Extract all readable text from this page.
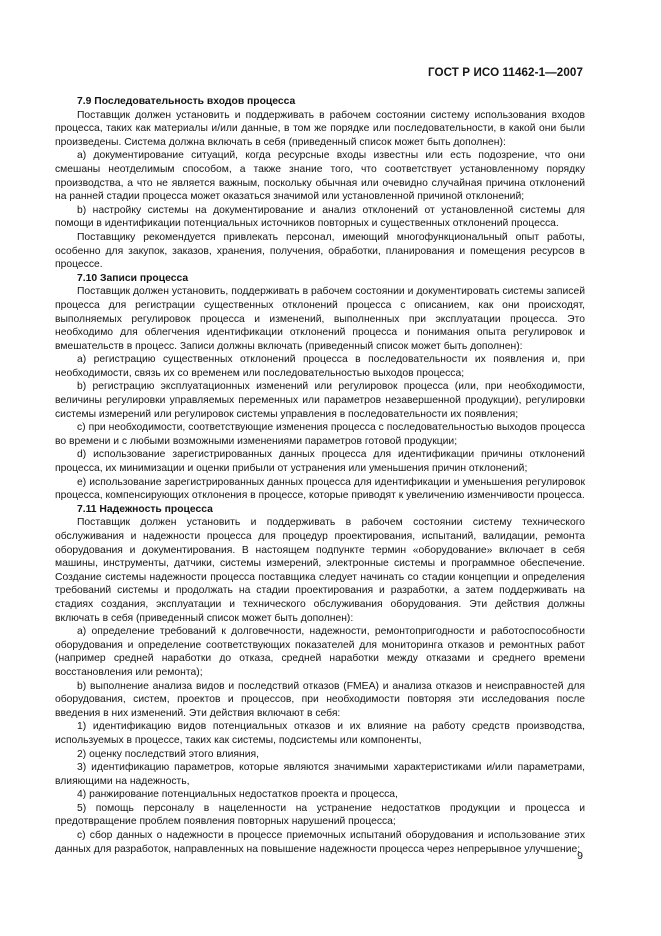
ГОСТ Р ИСО 11462-1—2007
7.9 Последовательность входов процесса

Поставщик должен установить и поддерживать в рабочем состоянии систему использования входов процесса, таких как материалы и/или данные, в том же порядке или последовательности, в какой они были произведены. Система должна включать в себя (приведенный список может быть дополнен):

a) документирование ситуаций, когда ресурсные входы известны или есть подозрение, что они смешаны неотделимым способом, а также знание того, что соответствует установленному порядку производства, а что не является важным, поскольку обычная или очевидно случайная причина отклонений на ранней стадии процесса может оказаться значимой или установленной причиной отклонений;

b) настройку системы на документирование и анализ отклонений от установленной системы для помощи в идентификации потенциальных источников повторных и существенных отклонений процесса.

Поставщику рекомендуется привлекать персонал, имеющий многофункциональный опыт работы, особенно для закупок, заказов, хранения, получения, обработки, планирования и помещения ресурсов в процессе.

7.10 Записи процесса

Поставщик должен установить, поддерживать в рабочем состоянии и документировать системы записей процесса для регистрации существенных отклонений процесса с описанием, как они происходят, выполняемых регулировок процесса и изменений, выполненных при эксплуатации процесса. Это необходимо для облегчения идентификации отклонений процесса и понимания опыта регулировок и вмешательств в процесс. Записи должны включать (приведенный список может быть дополнен):

a) регистрацию существенных отклонений процесса в последовательности их появления и, при необходимости, связь их со временем или последовательностью выходов процесса;

b) регистрацию эксплуатационных изменений или регулировок процесса (или, при необходимости, величины регулировки управляемых переменных или параметров незавершенной продукции), регулировки системы измерений или регулировок системы управления в последовательности их появления;

c) при необходимости, соответствующие изменения процесса с последовательностью выходов процесса во времени и с любыми возможными изменениями параметров готовой продукции;

d) использование зарегистрированных данных процесса для идентификации причины отклонений процесса, их минимизации и оценки прибыли от устранения или уменьшения причин отклонений;

e) использование зарегистрированных данных процесса для идентификации и уменьшения регулировок процесса, компенсирующих отклонения в процессе, которые приводят к увеличению изменчивости процесса.

7.11 Надежность процесса

Поставщик должен установить и поддерживать в рабочем состоянии систему технического обслуживания и надежности процесса для процедур проектирования, испытаний, валидации, ремонта оборудования и документирования. В настоящем подпункте термин «оборудование» включает в себя машины, инструменты, датчики, системы измерений, электронные системы и программное обеспечение. Создание системы надежности процесса поставщика следует начинать со стадии концепции и определения требований системы и продолжать на стадии проектирования и разработки, а затем поддерживать на стадиях создания, эксплуатации и технического обслуживания оборудования. Эти действия должны включать в себя (приведенный список может быть дополнен):

a) определение требований к долговечности, надежности, ремонтопригодности и работоспособности оборудования и определение соответствующих показателей для мониторинга отказов и ремонтных работ (например средней наработки до отказа, средней наработки между отказами и среднего времени восстановления или ремонта);

b) выполнение анализа видов и последствий отказов (FMEA) и анализа отказов и неисправностей для оборудования, систем, проектов и процессов, при необходимости повторяя эти исследования после введения в них изменений. Эти действия включают в себя:

1) идентификацию видов потенциальных отказов и их влияние на работу средств производства, используемых в процессе, таких как системы, подсистемы или компоненты,

2) оценку последствий этого влияния,

3) идентификацию параметров, которые являются значимыми характеристиками и/или параметрами, влияющими на надежность,

4) ранжирование потенциальных недостатков проекта и процесса,

5) помощь персоналу в нацеленности на устранение недостатков продукции и процесса и предотвращение проблем появления повторных нарушений процесса;

c) сбор данных о надежности в процессе приемочных испытаний оборудования и использование этих данных для разработок, направленных на повышение надежности процесса через непрерывное улучшение;

9
